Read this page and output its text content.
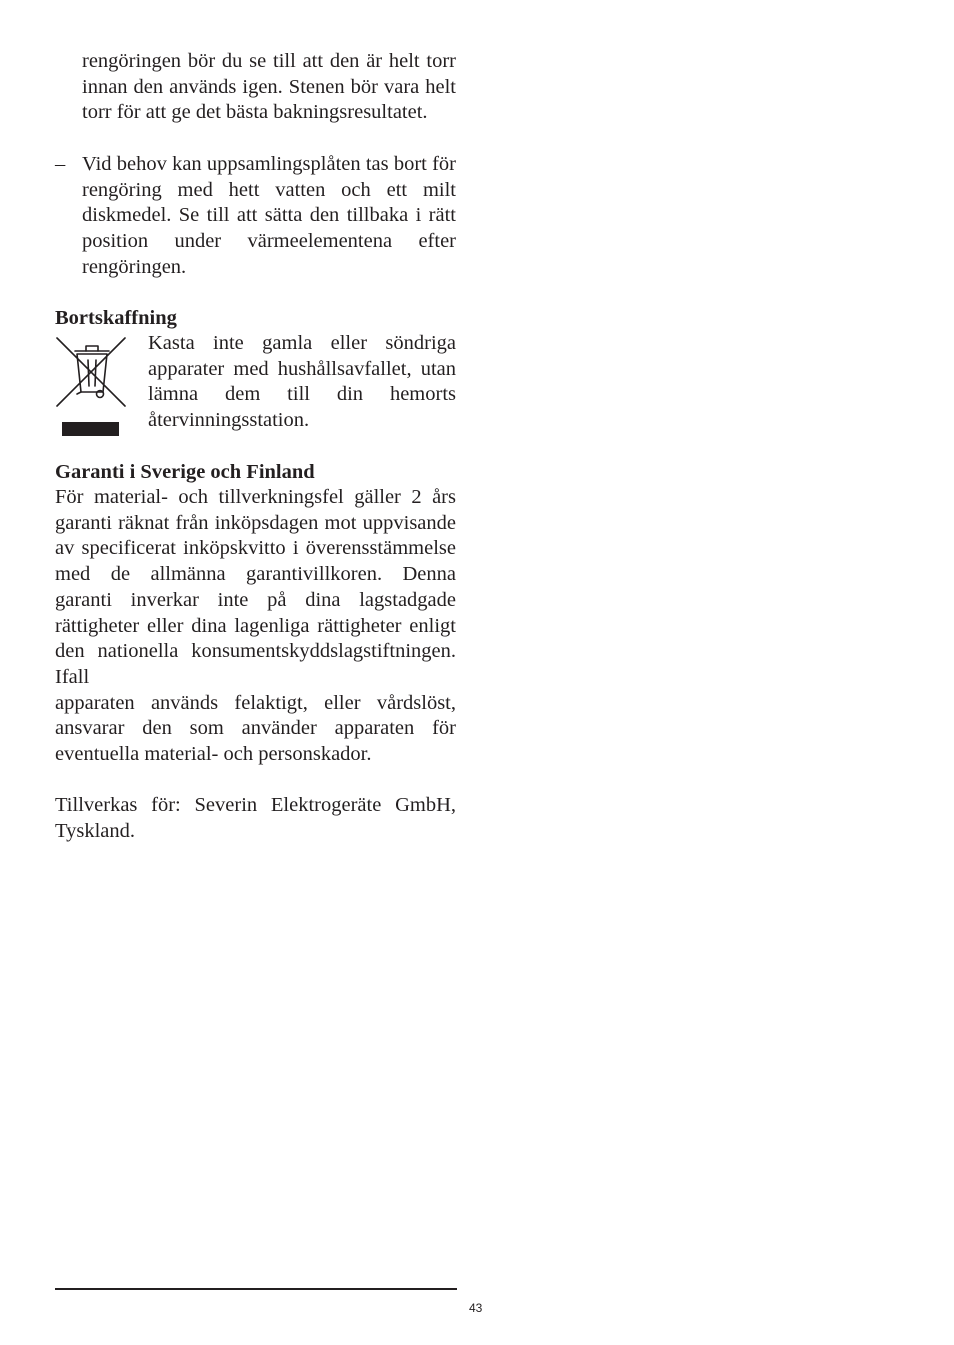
rengöringen bör du se till att den är helt torr innan den används igen. Stenen bör vara helt torr för att ge det bästa bakningsresultatet.
– Vid behov kan uppsamlingsplåten tas bort för rengöring med hett vatten och ett milt diskmedel. Se till att sätta den tillbaka i rätt position under värmeelementena efter rengöringen.
Bortskaffning
Kasta inte gamla eller söndriga apparater med hushållsavfallet, utan lämna dem till din hemorts återvinningsstation.
Garanti i Sverige och Finland
För material- och tillverkningsfel gäller 2 års garanti räknat från inköpsdagen mot uppvisande av specificerat inköpskvitto i överensstämmelse med de allmänna garantivillkoren. Denna garanti inverkar inte på dina lagstadgade rättigheter eller dina lagenliga rättigheter enligt den nationella konsumentskyddslagstiftningen. Ifall
apparaten används felaktigt, eller vårdslöst, ansvarar den som använder apparaten för eventuella material- och personskador.
Tillverkas för: Severin Elektrogeräte GmbH, Tyskland.
43
